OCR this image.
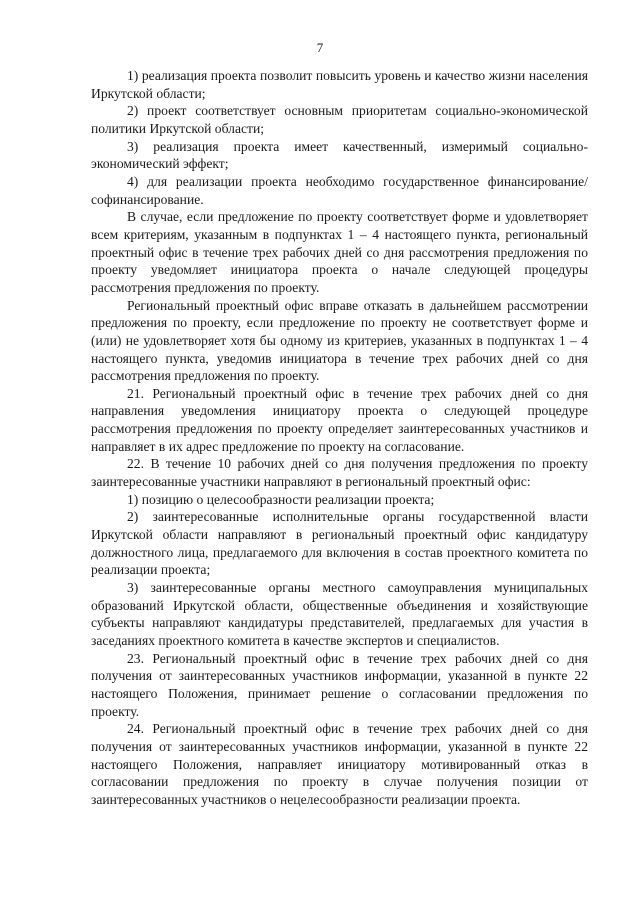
7

1) реализация проекта позволит повысить уровень и качество жизни населения Иркутской области;

2) проект соответствует основным приоритетам социально-экономической политики Иркутской области;

3) реализация проекта имеет качественный, измеримый социально-экономический эффект;

4) для реализации проекта необходимо государственное финансирование/софинансирование.

В случае, если предложение по проекту соответствует форме и удовлетворяет всем критериям, указанным в подпунктах 1 – 4 настоящего пункта, региональный проектный офис в течение трех рабочих дней со дня рассмотрения предложения по проекту уведомляет инициатора проекта о начале следующей процедуры рассмотрения предложения по проекту.

Региональный проектный офис вправе отказать в дальнейшем рассмотрении предложения по проекту, если предложение по проекту не соответствует форме и (или) не удовлетворяет хотя бы одному из критериев, указанных в подпунктах 1 – 4 настоящего пункта, уведомив инициатора в течение трех рабочих дней со дня рассмотрения предложения по проекту.

21. Региональный проектный офис в течение трех рабочих дней со дня направления уведомления инициатору проекта о следующей процедуре рассмотрения предложения по проекту определяет заинтересованных участников и направляет в их адрес предложение по проекту на согласование.

22. В течение 10 рабочих дней со дня получения предложения по проекту заинтересованные участники направляют в региональный проектный офис:

1) позицию о целесообразности реализации проекта;

2) заинтересованные исполнительные органы государственной власти Иркутской области направляют в региональный проектный офис кандидатуру должностного лица, предлагаемого для включения в состав проектного комитета по реализации проекта;

3) заинтересованные органы местного самоуправления муниципальных образований Иркутской области, общественные объединения и хозяйствующие субъекты направляют кандидатуры представителей, предлагаемых для участия в заседаниях проектного комитета в качестве экспертов и специалистов.

23. Региональный проектный офис в течение трех рабочих дней со дня получения от заинтересованных участников информации, указанной в пункте 22 настоящего Положения, принимает решение о согласовании предложения по проекту.

24. Региональный проектный офис в течение трех рабочих дней со дня получения от заинтересованных участников информации, указанной в пункте 22 настоящего Положения, направляет инициатору мотивированный отказ в согласовании предложения по проекту в случае получения позиции от заинтересованных участников о нецелесообразности реализации проекта.
